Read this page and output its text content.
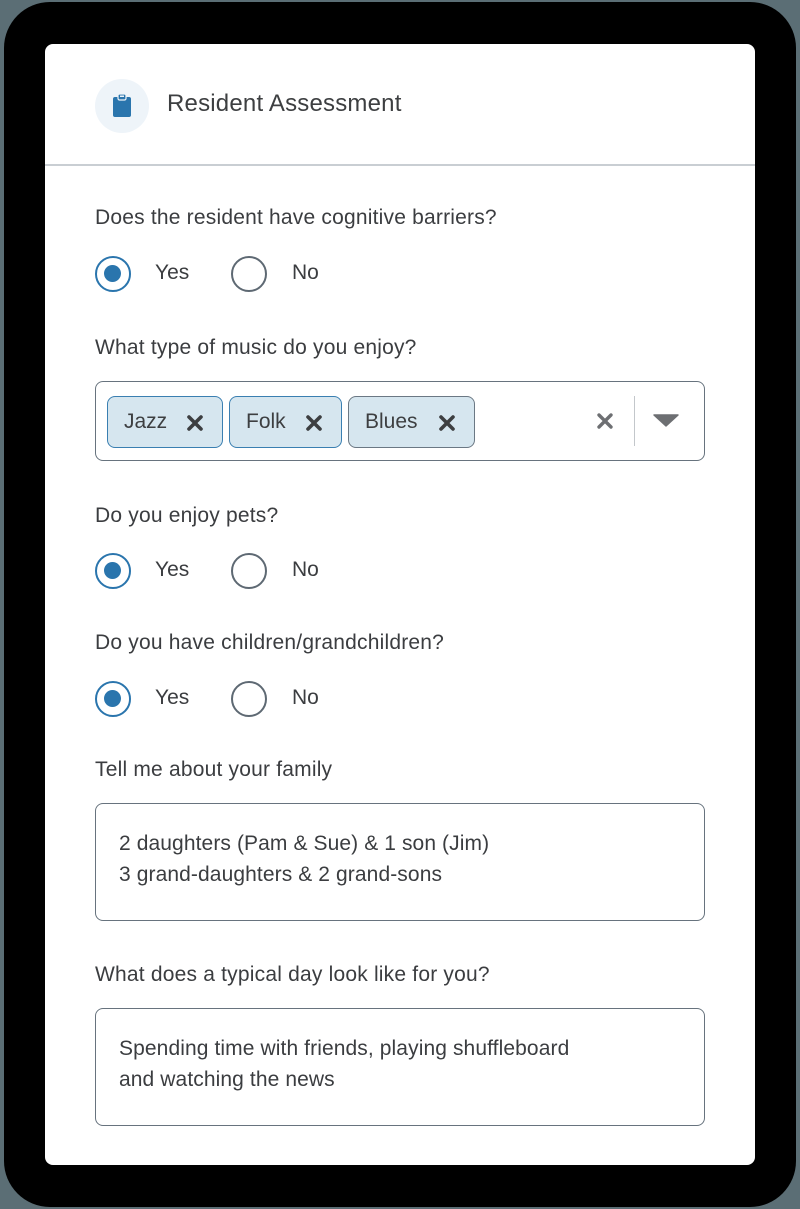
Resident Assessment
Does the resident have cognitive barriers?
Yes	No
What type of music do you enjoy?
Jazz	Folk	Blues
Do you enjoy pets?
Yes	No
Do you have children/grandchildren?
Yes	No
Tell me about your family
2 daughters (Pam & Sue) & 1 son (Jim)
3 grand-daughters & 2 grand-sons
What does a typical day look like for you?
Spending time with friends, playing shuffleboard
and watching the news
